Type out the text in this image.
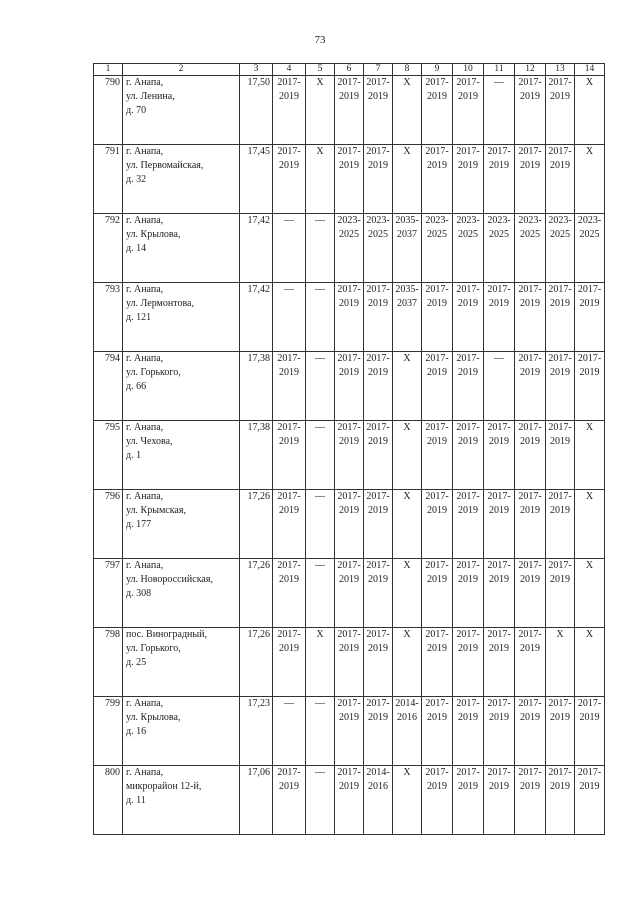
73
1	2	3	4	5	6	7	8	9	10	11	12	13	14
790	г. Анапа,
ул. Ленина,
д. 70	17,50	2017-
2019	Х	2017-
2019	2017-
2019	Х	2017-
2019	2017-
2019	—	2017-
2019	2017-
2019	Х
791	г. Анапа,
ул. Первомайская,
д. 32	17,45	2017-
2019	Х	2017-
2019	2017-
2019	Х	2017-
2019	2017-
2019	2017-
2019	2017-
2019	2017-
2019	Х
792	г. Анапа,
ул. Крылова,
д. 14	17,42	—	—	2023-
2025	2023-
2025	2035-
2037	2023-
2025	2023-
2025	2023-
2025	2023-
2025	2023-
2025	2023-
2025
793	г. Анапа,
ул. Лермонтова,
д. 121	17,42	—	—	2017-
2019	2017-
2019	2035-
2037	2017-
2019	2017-
2019	2017-
2019	2017-
2019	2017-
2019	2017-
2019
794	г. Анапа,
ул. Горького,
д. 66	17,38	2017-
2019	—	2017-
2019	2017-
2019	Х	2017-
2019	2017-
2019	—	2017-
2019	2017-
2019	2017-
2019
795	г. Анапа,
ул. Чехова,
д. 1	17,38	2017-
2019	—	2017-
2019	2017-
2019	Х	2017-
2019	2017-
2019	2017-
2019	2017-
2019	2017-
2019	Х
796	г. Анапа,
ул. Крымская,
д. 177	17,26	2017-
2019	—	2017-
2019	2017-
2019	Х	2017-
2019	2017-
2019	2017-
2019	2017-
2019	2017-
2019	Х
797	г. Анапа,
ул. Новороссийская,
д. 308	17,26	2017-
2019	—	2017-
2019	2017-
2019	Х	2017-
2019	2017-
2019	2017-
2019	2017-
2019	2017-
2019	Х
798	пос. Виноградный,
ул. Горького,
д. 25	17,26	2017-
2019	Х	2017-
2019	2017-
2019	Х	2017-
2019	2017-
2019	2017-
2019	2017-
2019	Х	Х
799	г. Анапа,
ул. Крылова,
д. 16	17,23	—	—	2017-
2019	2017-
2019	2014-
2016	2017-
2019	2017-
2019	2017-
2019	2017-
2019	2017-
2019	2017-
2019
800	г. Анапа,
микрорайон 12-й,
д. 11	17,06	2017-
2019	—	2017-
2019	2014-
2016	Х	2017-
2019	2017-
2019	2017-
2019	2017-
2019	2017-
2019	2017-
2019
